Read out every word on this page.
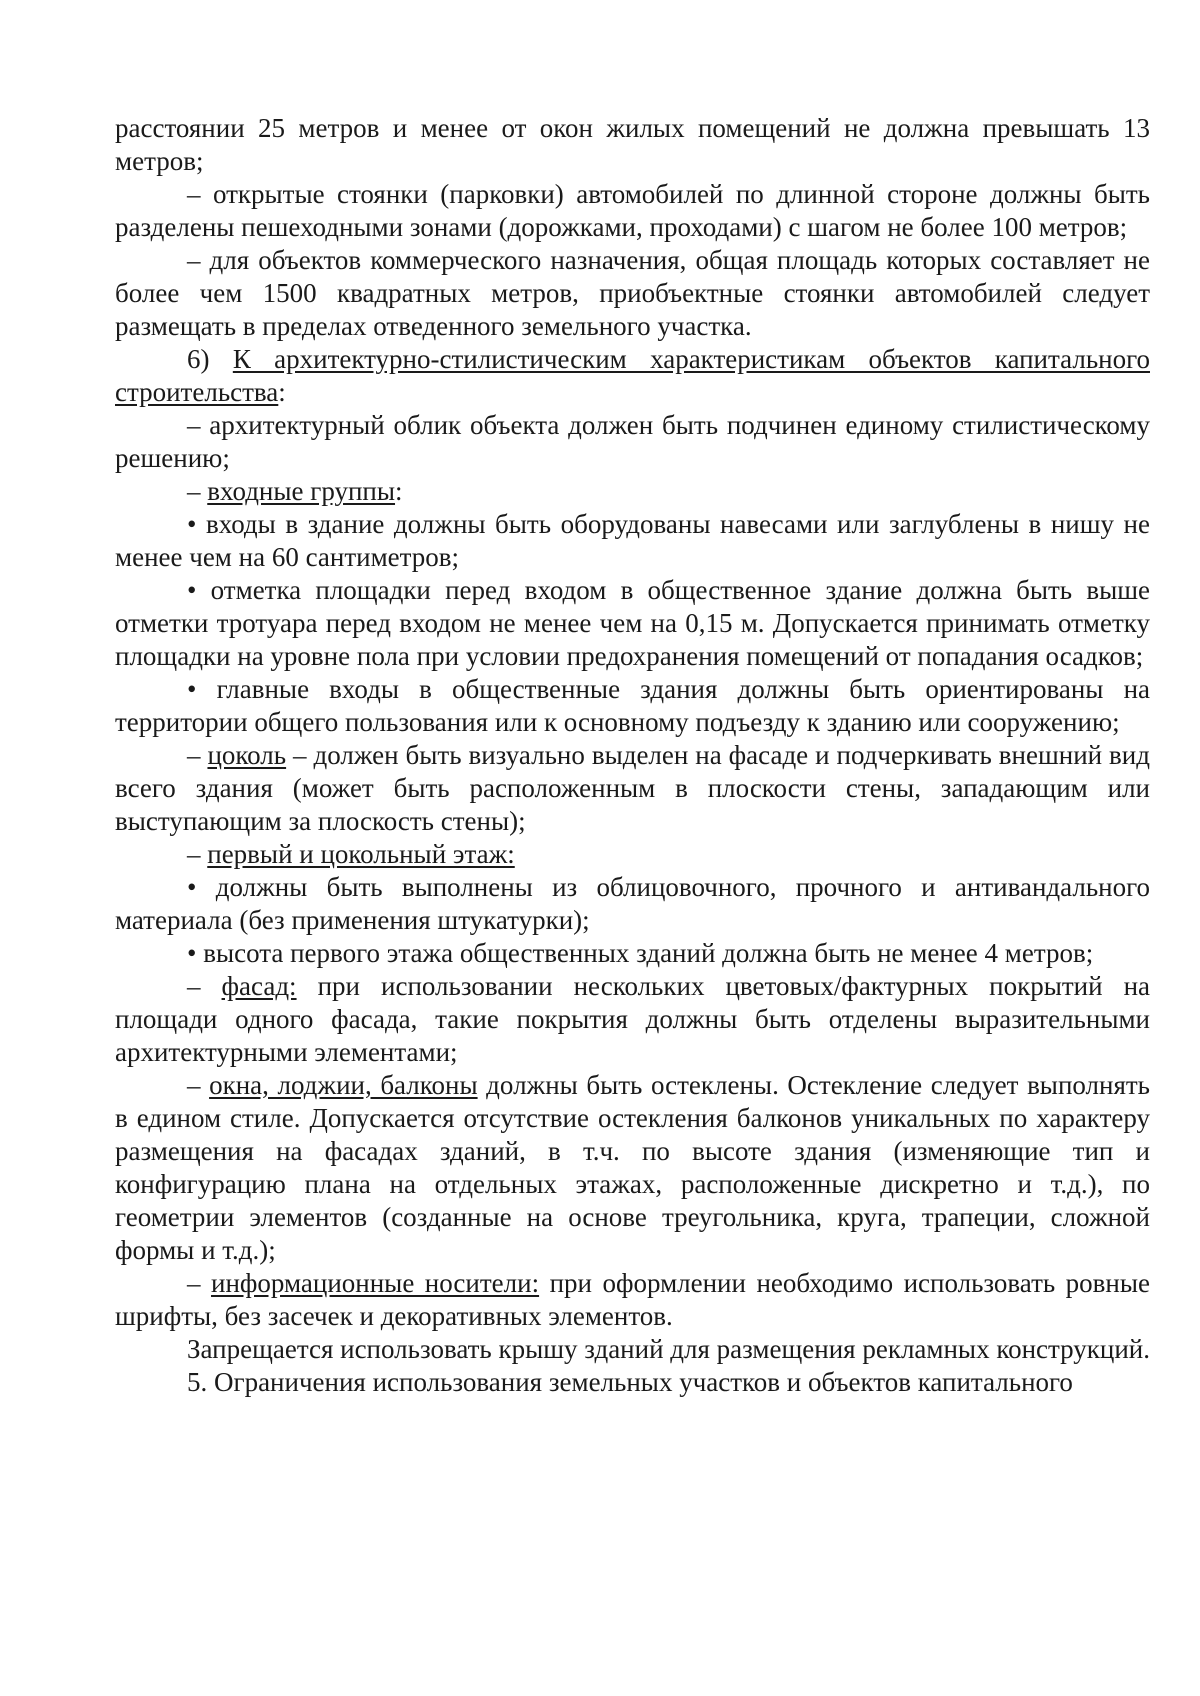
расстоянии 25 метров и менее от окон жилых помещений не должна превышать 13 метров;

– открытые стоянки (парковки) автомобилей по длинной стороне должны быть разделены пешеходными зонами (дорожками, проходами) с шагом не более 100 метров;

– для объектов коммерческого назначения, общая площадь которых составляет не более чем 1500 квадратных метров, приобъектные стоянки автомобилей следует размещать в пределах отведенного земельного участка.

6) К архитектурно-стилистическим характеристикам объектов капитального строительства:

– архитектурный облик объекта должен быть подчинен единому стилистическому решению;

– входные группы:

• входы в здание должны быть оборудованы навесами или заглублены в нишу не менее чем на 60 сантиметров;

• отметка площадки перед входом в общественное здание должна быть выше отметки тротуара перед входом не менее чем на 0,15 м. Допускается принимать отметку площадки на уровне пола при условии предохранения помещений от попадания осадков;

• главные входы в общественные здания должны быть ориентированы на территории общего пользования или к основному подъезду к зданию или сооружению;

– цоколь – должен быть визуально выделен на фасаде и подчеркивать внешний вид всего здания (может быть расположенным в плоскости стены, западающим или выступающим за плоскость стены);

– первый и цокольный этаж:

• должны быть выполнены из облицовочного, прочного и антивандального материала (без применения штукатурки);

• высота первого этажа общественных зданий должна быть не менее 4 метров;

– фасад: при использовании нескольких цветовых/фактурных покрытий на площади одного фасада, такие покрытия должны быть отделены выразительными архитектурными элементами;

– окна, лоджии, балконы должны быть остеклены. Остекление следует выполнять в едином стиле. Допускается отсутствие остекления балконов уникальных по характеру размещения на фасадах зданий, в т.ч. по высоте здания (изменяющие тип и конфигурацию плана на отдельных этажах, расположенные дискретно и т.д.), по геометрии элементов (созданные на основе треугольника, круга, трапеции, сложной формы и т.д.);

– информационные носители: при оформлении необходимо использовать ровные шрифты, без засечек и декоративных элементов.

Запрещается использовать крышу зданий для размещения рекламных конструкций.

5. Ограничения использования земельных участков и объектов капитального
